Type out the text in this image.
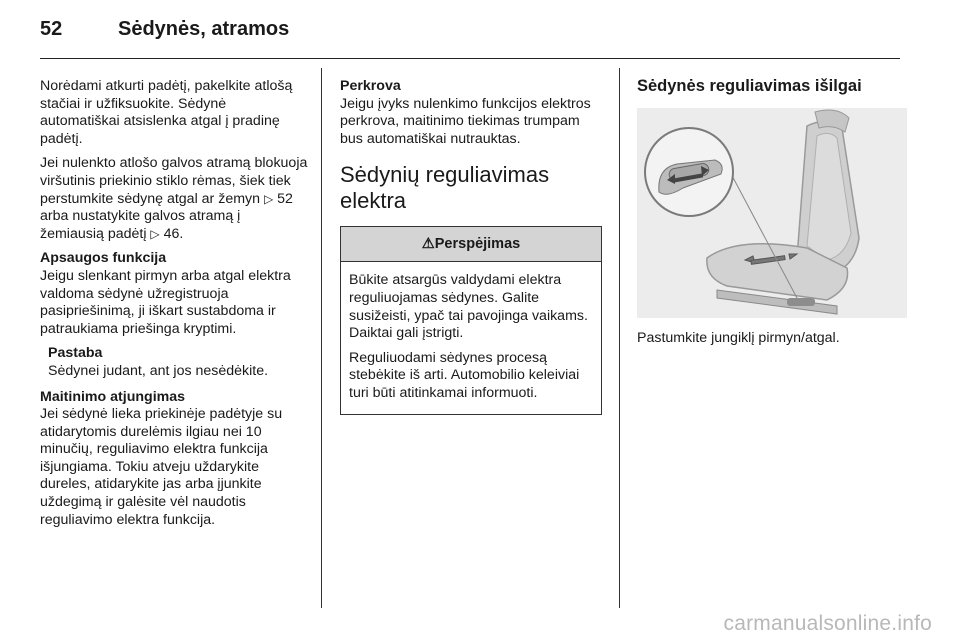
52	Sėdynės, atramos

Norėdami atkurti padėtį, pakelkite atlošą stačiai ir užfiksuokite. Sėdynė automatiškai atsislenka atgal į pradinę padėtį.

Jei nulenkto atlošo galvos atramą blokuoja viršutinis priekinio stiklo rėmas, šiek tiek perstumkite sėdynę atgal ar žemyn ▷ 52 arba nustatykite galvos atramą į žemiausią padėtį ▷ 46.

Apsaugos funkcija

Jeigu slenkant pirmyn arba atgal elektra valdoma sėdynė užregistruoja pasipriešinimą, ji iškart sustabdoma ir patraukiama priešinga kryptimi.

Pastaba

Sėdynei judant, ant jos nesėdėkite.

Maitinimo atjungimas

Jei sėdynė lieka priekinėje padėtyje su atidarytomis durelėmis ilgiau nei 10 minučių, reguliavimo elektra funkcija išjungiama. Tokiu atveju uždarykite dureles, atidarykite jas arba įjunkite uždegimą ir galėsite vėl naudotis reguliavimo elektra funkcija.

Perkrova

Jeigu įvyks nulenkimo funkcijos elektros perkrova, maitinimo tiekimas trumpam bus automatiškai nutrauktas.

Sėdynių reguliavimas elektra
⚠ Perspėjimas

Būkite atsargūs valdydami elektra reguliuojamas sėdynes. Galite susižeisti, ypač tai pavojinga vaikams. Daiktai gali įstrigti.

Reguliuodami sėdynes procesą stebėkite iš arti. Automobilio keleiviai turi būti atitinkamai informuoti.

Sėdynės reguliavimas išilgai

Pastumkite jungiklį pirmyn/atgal.

carmanualsonline.info
